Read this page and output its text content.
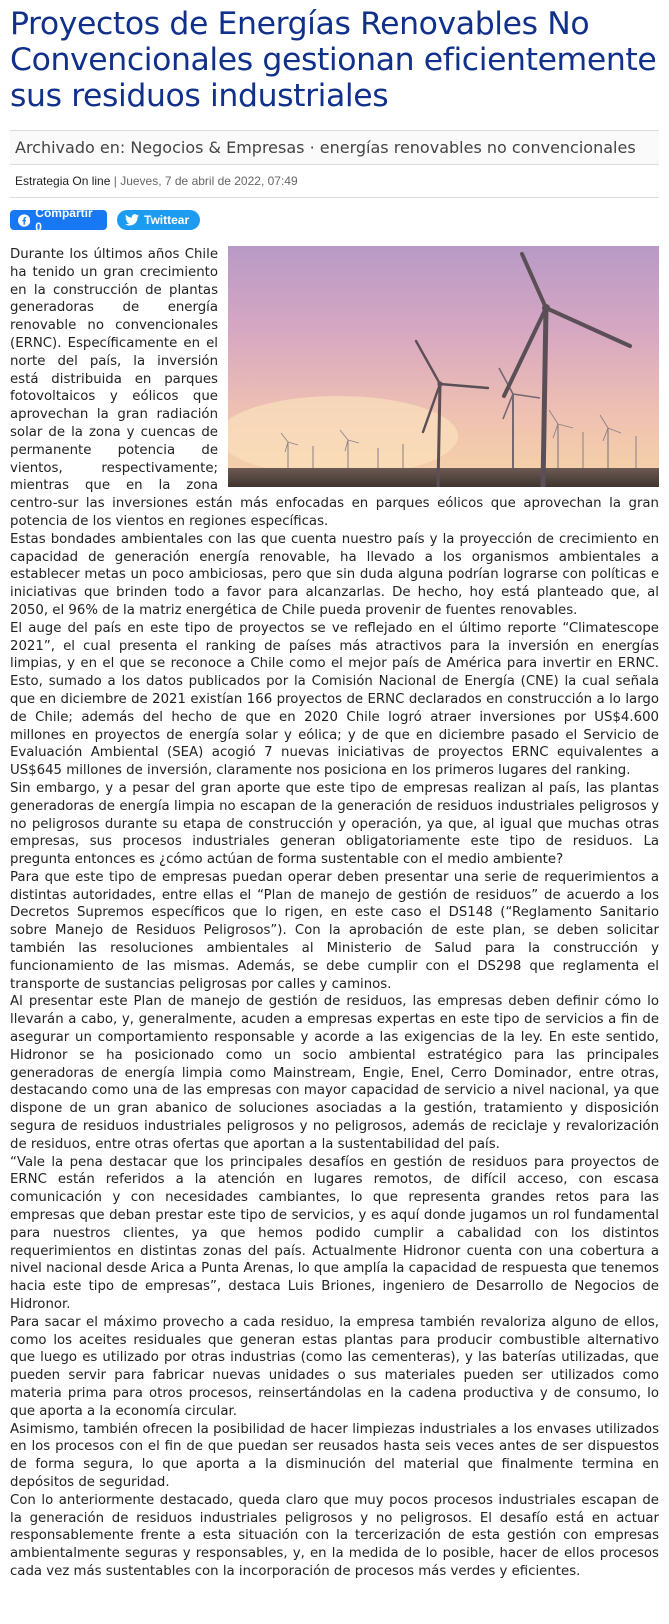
Proyectos de Energías Renovables No Convencionales gestionan eficientemente sus residuos industriales
Archivado en: Negocios & Empresas · energías renovables no convencionales
Estrategia On line | Jueves, 7 de abril de 2022, 07:49
Compartir 0	Twittear

Durante los últimos años Chile ha tenido un gran crecimiento en la construcción de plantas generadoras de energía renovable no convencionales (ERNC). Específicamente en el norte del país, la inversión está distribuida en parques fotovoltaicos y eólicos que aprovechan la gran radiación solar de la zona y cuencas de permanente potencia de vientos, respectivamente; mientras que en la zona centro-sur las inversiones están más enfocadas en parques eólicos que aprovechan la gran potencia de los vientos en regiones específicas.

Estas bondades ambientales con las que cuenta nuestro país y la proyección de crecimiento en capacidad de generación energía renovable, ha llevado a los organismos ambientales a establecer metas un poco ambiciosas, pero que sin duda alguna podrían lograrse con políticas e iniciativas que brinden todo a favor para alcanzarlas. De hecho, hoy está planteado que, al 2050, el 96% de la matriz energética de Chile pueda provenir de fuentes renovables.

El auge del país en este tipo de proyectos se ve reflejado en el último reporte “Climatescope 2021”, el cual presenta el ranking de países más atractivos para la inversión en energías limpias, y en el que se reconoce a Chile como el mejor país de América para invertir en ERNC. Esto, sumado a los datos publicados por la Comisión Nacional de Energía (CNE) la cual señala que en diciembre de 2021 existían 166 proyectos de ERNC declarados en construcción a lo largo de Chile; además del hecho de que en 2020 Chile logró atraer inversiones por US$4.600 millones en proyectos de energía solar y eólica; y de que en diciembre pasado el Servicio de Evaluación Ambiental (SEA) acogió 7 nuevas iniciativas de proyectos ERNC equivalentes a US$645 millones de inversión, claramente nos posiciona en los primeros lugares del ranking.

Sin embargo, y a pesar del gran aporte que este tipo de empresas realizan al país, las plantas generadoras de energía limpia no escapan de la generación de residuos industriales peligrosos y no peligrosos durante su etapa de construcción y operación, ya que, al igual que muchas otras empresas, sus procesos industriales generan obligatoriamente este tipo de residuos. La pregunta entonces es ¿cómo actúan de forma sustentable con el medio ambiente?

Para que este tipo de empresas puedan operar deben presentar una serie de requerimientos a distintas autoridades, entre ellas el “Plan de manejo de gestión de residuos” de acuerdo a los Decretos Supremos específicos que lo rigen, en este caso el DS148 (“Reglamento Sanitario sobre Manejo de Residuos Peligrosos”). Con la aprobación de este plan, se deben solicitar también las resoluciones ambientales al Ministerio de Salud para la construcción y funcionamiento de las mismas. Además, se debe cumplir con el DS298 que reglamenta el transporte de sustancias peligrosas por calles y caminos.

Al presentar este Plan de manejo de gestión de residuos, las empresas deben definir cómo lo llevarán a cabo, y, generalmente, acuden a empresas expertas en este tipo de servicios a fin de asegurar un comportamiento responsable y acorde a las exigencias de la ley. En este sentido, Hidronor se ha posicionado como un socio ambiental estratégico para las principales generadoras de energía limpia como Mainstream, Engie, Enel, Cerro Dominador, entre otras, destacando como una de las empresas con mayor capacidad de servicio a nivel nacional, ya que dispone de un gran abanico de soluciones asociadas a la gestión, tratamiento y disposición segura de residuos industriales peligrosos y no peligrosos, además de reciclaje y revalorización de residuos, entre otras ofertas que aportan a la sustentabilidad del país.

“Vale la pena destacar que los principales desafíos en gestión de residuos para proyectos de ERNC están referidos a la atención en lugares remotos, de difícil acceso, con escasa comunicación y con necesidades cambiantes, lo que representa grandes retos para las empresas que deban prestar este tipo de servicios, y es aquí donde jugamos un rol fundamental para nuestros clientes, ya que hemos podido cumplir a cabalidad con los distintos requerimientos en distintas zonas del país. Actualmente Hidronor cuenta con una cobertura a nivel nacional desde Arica a Punta Arenas, lo que amplía la capacidad de respuesta que tenemos hacia este tipo de empresas”, destaca Luis Briones, ingeniero de Desarrollo de Negocios de Hidronor.

Para sacar el máximo provecho a cada residuo, la empresa también revaloriza alguno de ellos, como los aceites residuales que generan estas plantas para producir combustible alternativo que luego es utilizado por otras industrias (como las cementeras), y las baterías utilizadas, que pueden servir para fabricar nuevas unidades o sus materiales pueden ser utilizados como materia prima para otros procesos, reinsertándolas en la cadena productiva y de consumo, lo que aporta a la economía circular.

Asimismo, también ofrecen la posibilidad de hacer limpiezas industriales a los envases utilizados en los procesos con el fin de que puedan ser reusados hasta seis veces antes de ser dispuestos de forma segura, lo que aporta a la disminución del material que finalmente termina en depósitos de seguridad.

Con lo anteriormente destacado, queda claro que muy pocos procesos industriales escapan de la generación de residuos industriales peligrosos y no peligrosos. El desafío está en actuar responsablemente frente a esta situación con la tercerización de esta gestión con empresas ambientalmente seguras y responsables, y, en la medida de lo posible, hacer de ellos procesos cada vez más sustentables con la incorporación de procesos más verdes y eficientes.
